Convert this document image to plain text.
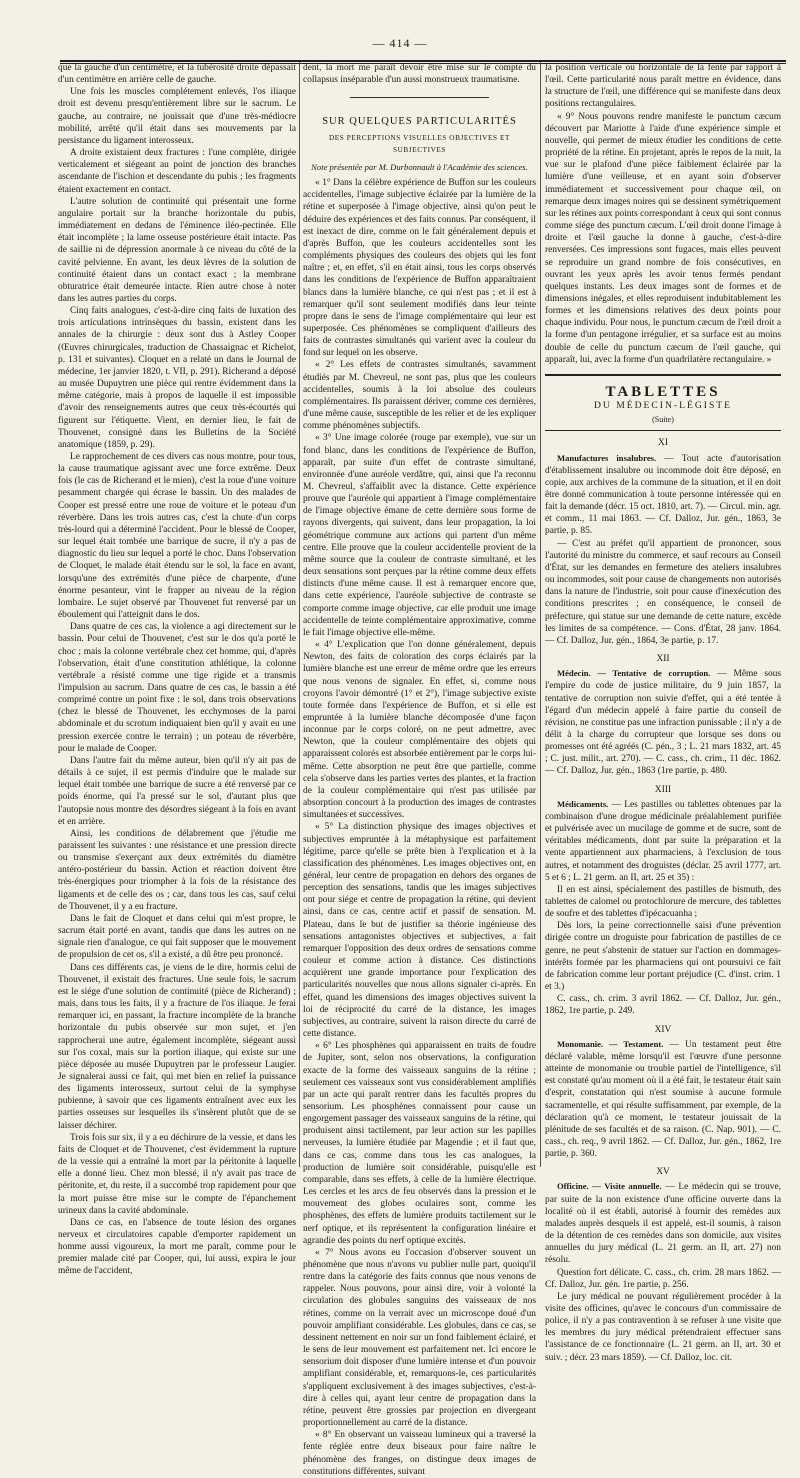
— 414 —

que la gauche d'un centimètre, et la tubérosité droite dépassait d'un centimètre en arrière celle de gauche.

Une fois les muscles complétement enlevés, l'os iliaque droit est devenu presqu'entièrement libre sur le sacrum. Le gauche, au contraire, ne jouissait que d'une très-médiocre mobilité, arrêté qu'il était dans ses mouvements par la persistance du ligament interosseux.

A droite existaient deux fractures : l'une complète, dirigée verticalement et siégeant au point de jonction des branches ascendante de l'ischion et descendante du pubis ; les fragments étaient exactement en contact.

L'autre solution de continuité qui présentait une forme angulaire portait sur la branche horizontale du pubis, immédiatement en dedans de l'éminence iléo-pectinée. Elle était incomplète ; la lame osseuse postérieure était intacte. Pas de saillie ni de dépression anormale à ce niveau du côté de la cavité pelvienne. En avant, les deux lèvres de la solution de continuité étaient dans un contact exact ; la membrane obturatrice était demeurée intacte. Rien autre chose à noter dans les autres parties du corps.

Cinq faits analogues, c'est-à-dire cinq faits de luxation des trois articulations intrinsèques du bassin, existent dans les annales de la chirurgie : deux sont dus à Astley Cooper (Œuvres chirurgicales, traduction de Chassaignac et Richelot, p. 131 et suivantes). Cloquet en a relaté un dans le Journal de médecine, 1er janvier 1820, t. VII, p. 291). Richerand a déposé au musée Dupuytren une pièce qui rentre évidemment dans la même catégorie, mais à propos de laquelle il est impossible d'avoir des renseignements autres que ceux très-écourtés qui figurent sur l'étiquette. Vient, en dernier lieu, le fait de Thouvenet, consigné dans les Bulletins de la Société anatomique (1859, p. 29).

Le rapprochement de ces divers cas nous montre, pour tous, la cause traumatique agissant avec une force extrême. Deux fois (le cas de Richerand et le mien), c'est la roue d'une voiture pesamment chargée qui écrase le bassin. Un des malades de Cooper est pressé entre une roue de voiture et le poteau d'un réverbère. Dans les trois autres cas, c'est la chute d'un corps très-lourd qui a déterminé l'accident. Pour le blessé de Cooper, sur lequel était tombée une barrique de sucre, il n'y a pas de diagnostic du lieu sur lequel a porté le choc. Dans l'observation de Cloquet, le malade était étendu sur le sol, la face en avant, lorsqu'une des extrémités d'une pièce de charpente, d'une énorme pesanteur, vint le frapper au niveau de la région lombaire. Le sujet observé par Thouvenet fut renversé par un éboulement qui l'atteignit dans le dos.

Dans quatre de ces cas, la violence a agi directement sur le bassin. Pour celui de Thouvenet, c'est sur le dos qu'a porté le choc ; mais la colonne vertébrale chez cet homme, qui, d'après l'observation, était d'une constitution athlétique, la colonne vertébrale a résisté comme une tige rigide et a transmis l'impulsion au sacrum. Dans quatre de ces cas, le bassin a été comprimé contre un point fixe : le sol, dans trois observations (chez le blessé de Thouvenet, les ecchymoses de la paroi abdominale et du scrotum indiquaient bien qu'il y avait eu une pression exercée contre le terrain) ; un poteau de réverbère, pour le malade de Cooper.

Dans l'autre fait du même auteur, bien qu'il n'y ait pas de détails à ce sujet, il est permis d'induire que le malade sur lequel était tombée une barrique de sucre a été renversé par ce poids énorme, qui l'a pressé sur le sol, d'autant plus que l'autopsie nous montre des désordres siégeant à la fois en avant et en arrière.

Ainsi, les conditions de délabrement que j'étudie me paraissent les suivantes : une résistance et une pression directe ou transmise s'exerçant aux deux extrémités du diamètre antéro-postérieur du bassin. Action et réaction doivent être très-énergiques pour triompher à la fois de la résistance des ligaments et de celle des os ; car, dans tous les cas, sauf celui de Thouvenet, il y a eu fracture.

Dans le fait de Cloquet et dans celui qui m'est propre, le sacrum était porté en avant, tandis que dans les autres on ne signale rien d'analogue, ce qui fait supposer que le mouvement de propulsion de cet os, s'il a existé, a dû être peu prononcé.

Dans ces différents cas, je viens de le dire, hormis celui de Thouvenet, il existait des fractures. Une seule fois, le sacrum est le siége d'une solution de continuité (pièce de Richerand) ; mais, dans tous les faits, il y a fracture de l'os iliaque. Je ferai remarquer ici, en passant, la fracture incomplète de la branche horizontale du pubis observée sur mon sujet, et j'en rapprocherai une autre, également incomplète, siégeant aussi sur l'os coxal, mais sur la portion iliaque, qui existe sur une pièce déposée au musée Dupuytren par le professeur Laugier. Je signalerai aussi ce fait, qui met bien en relief la puissance des ligaments interosseux, surtout celui de la symphyse pubienne, à savoir que ces ligaments entraînent avec eux les parties osseuses sur lesquelles ils s'insèrent plutôt que de se laisser déchirer.

Trois fois sur six, il y a eu déchirure de la vessie, et dans les faits de Cloquet et de Thouvenet, c'est évidemment la rupture de la vessie qui a entraîné la mort par la péritonite à laquelle elle a donné lieu. Chez mon blessé, il n'y avait pas trace de péritonite, et, du reste, il a succombé trop rapidement pour que la mort puisse être mise sur le compte de l'épanchement urineux dans la cavité abdominale.

Dans ce cas, en l'absence de toute lésion des organes nerveux et circulatoires capable d'emporter rapidement un homme aussi vigoureux, la mort me paraît, comme pour le premier malade cité par Cooper, qui, lui aussi, expira le jour même de l'accident,

dent, la mort me paraît devoir être mise sur le compte du collapsus inséparable d'un aussi monstrueux traumatisme.

SUR QUELQUES PARTICULARITÉS
DES PERCEPTIONS VISUELLES OBJECTIVES ET SUBJECTIVES
Note présentée par M. Durbonnault à l'Académie des sciences.

« 1° Dans la célèbre expérience de Buffon sur les couleurs accidentelles, l'image subjective éclairée par la lumière de la rétine et superposée à l'image objective, ainsi qu'on peut le déduire des expériences et des faits connus. Par conséquent, il est inexact de dire, comme on le fait généralement depuis et d'après Buffon, que les couleurs accidentelles sont les compléments physiques des couleurs des objets qui les font naître ; et, en effet, s'il en était ainsi, tous les corps observés dans les conditions de l'expérience de Buffon apparaîtraient blancs dans la lumière blanche, ce qui n'est pas ; et il est à remarquer qu'il sont seulement modifiés dans leur teinte propre dans le sens de l'image complémentaire qui leur est superposée. Ces phénomènes se compliquent d'ailleurs des faits de contrastes simultanés qui varient avec la couleur du fond sur lequel on les observe.

« 2° Les effets de contrastes simultanés, savamment étudiés par M. Chevreul, ne sont pas, plus que les couleurs accidentelles, soumis à la loi absolue des couleurs complémentaires. Ils paraissent dériver, comme ces dernières, d'une même cause, susceptible de les relier et de les expliquer comme phénomènes subjectifs.

« 3° Une image colorée (rouge par exemple), vue sur un fond blanc, dans les conditions de l'expérience de Buffon, apparaît, par suite d'un effet de contraste simultané, environnée d'une auréole verdâtre, qui, ainsi que l'a reconnu M. Chevreul, s'affaiblit avec la distance. Cette expérience prouve que l'auréole qui appartient à l'image complémentaire de l'image objective émane de cette dernière sous forme de rayons divergents, qui suivent, dans leur propagation, la loi géométrique commune aux actions qui partent d'un même centre. Elle prouve que la couleur accidentelle provient de la même source que la couleur de contraste simultané, et les deux sensations sont perçues par la rétine comme deux effets distincts d'une même cause. Il est à remarquer encore que, dans cette expérience, l'auréole subjective de contraste se comporte comme image objective, car elle produit une image accidentelle de teinte complémentaire approximative, comme le fait l'image objective elle-même.

« 4° L'explication que l'on donne généralement, depuis Newton, des faits de coloration des corps éclairés par la lumière blanche est une erreur de même ordre que les erreurs que nous venons de signaler. En effet, si, comme nous croyons l'avoir démontré (1° et 2°), l'image subjective existe toute formée dans l'expérience de Buffon, et si elle est empruntée à la lumière blanche décomposée d'une façon inconnue par le corps coloré, on ne peut admettre, avec Newton, que la couleur complémentaire des objets qui apparaissent colorés est absorbée entièrement par le corps lui-même. Cette absorption ne peut être que partielle, comme cela s'observe dans les parties vertes des plantes, et la fraction de la couleur complémentaire qui n'est pas utilisée par absorption concourt à la production des images de contrastes simultanées et successives.

« 5° La distinction physique des images objectives et subjectives empruntée à la métaphysique est parfaitement légitime, parce qu'elle se prête bien à l'explication et à la classification des phénomènes. Les images objectives ont, en général, leur centre de propagation en dehors des organes de perception des sensations, tandis que les images subjectives ont pour siége et centre de propagation la rétine, qui devient ainsi, dans ce cas, centre actif et passif de sensation. M. Plateau, dans le but de justifier sa théorie ingénieuse des sensations antagonistes objectives et subjectives, a fait remarquer l'opposition des deux ordres de sensations comme couleur et comme action à distance. Ces distinctions acquièrent une grande importance pour l'explication des particularités nouvelles que nous allons signaler ci-après. En effet, quand les dimensions des images objectives suivent la loi de réciprocité du carré de la distance, les images subjectives, au contraire, suivent la raison directe du carré de cette distance.

« 6° Les phosphènes qui apparaissent en traits de foudre de Jupiter, sont, selon nos observations, la configuration exacte de la forme des vaisseaux sanguins de la rétine ; seulement ces vaisseaux sont vus considérablement amplifiés par un acte qui paraît rentrer dans les facultés propres du sensorium. Les phosphènes connaissent pour cause un engorgement passager des vaisseaux sanguins de la rétine, qui produisent ainsi tactilement, par leur action sur les papilles nerveuses, la lumière étudiée par Magendie ; et il faut que, dans ce cas, comme dans tous les cas analogues, la production de lumière soit considérable, puisqu'elle est comparable, dans ses effets, à celle de la lumière électrique. Les cercles et les arcs de feu observés dans la pression et le mouvement des globes oculaires sont, comme les phosphènes, des effets de lumière produits tactilement sur le nerf optique, et ils représentent la configuration linéaire et agrandie des points du nerf optique excités.

« 7° Nous avons eu l'occasion d'observer souvent un phénomène que nous n'avons vu publier nulle part, quoiqu'il rentre dans la catégorie des faits connus que nous venons de rappeler. Nous pouvons, pour ainsi dire, voir à volonté la circulation des globules sanguins des vaisseaux de nos rétines, comme on la verrait avec un microscope doué d'un pouvoir amplifiant considérable. Les globules, dans ce cas, se dessinent nettement en noir sur un fond faiblement éclairé, et le sens de leur mouvement est parfaitement net. Ici encore le sensorium doit disposer d'une lumière intense et d'un pouvoir amplifiant considérable, et, remarquons-le, ces particularités s'appliquent exclusivement à des images subjectives, c'est-à-dire à celles qui, ayant leur centre de propagation dans la rétine, peuvent être grossies par projection en divergeant proportionnellement au carré de la distance.

« 8° En observant un vaisseau lumineux qui a traversé la fente réglée entre deux biseaux pour faire naître le phénomène des franges, on distingue deux images de constitutions différentes, suivant

la position verticale ou horizontale de la fente par rapport à l'œil. Cette particularité nous paraît mettre en évidence, dans la structure de l'œil, une différence qui se manifeste dans deux positions rectangulaires.

« 9° Nous pouvons rendre manifeste le punctum cæcum découvert par Mariotte à l'aide d'une expérience simple et nouvelle, qui permet de mieux étudier les conditions de cette propriété de la rétine. En projetant, après le repos de la nuit, la vue sur le plafond d'une pièce faiblement éclairée par la lumière d'une veilleuse, et en ayant soin d'observer immédiatement et successivement pour chaque œil, on remarque deux images noires qui se dessinent symétriquement sur les rétines aux points correspondant à ceux qui sont connus comme siége des punctum cæcum. L'œil droit donne l'image à droite et l'œil gauche la donne à gauche, c'est-à-dire renversées. Ces impressions sont fugaces, mais elles peuvent se reproduire un grand nombre de fois consécutives, en ouvrant les yeux après les avoir tenus fermés pendant quelques instants. Les deux images sont de formes et de dimensions inégales, et elles reproduisent indubitablement les formes et les dimensions relatives des deux points pour chaque individu. Pour nous, le punctum cæcum de l'œil droit a la forme d'un pentagone irrégulier, et sa surface est au moins double de celle du punctum cæcum de l'œil gauche, qui apparaît, lui, avec la forme d'un quadrilatère rectangulaire. »

TABLETTES
DU MÉDECIN-LÉGISTE
(Suite)
XI

Manufactures insalubres. — Tout acte d'autorisation d'établissement insalubre ou incommode doit être déposé, en copie, aux archives de la commune de la situation, et il en doit être donné communication à toute personne intéressée qui en fait la demande (décr. 15 oct. 1810, art. 7). — Circul. min. agr. et comm., 11 mai 1863. — Cf. Dalloz, Jur. gén., 1863, 3e partie, p. 85.

— C'est au préfet qu'il appartient de prononcer, sous l'autorité du ministre du commerce, et sauf recours au Conseil d'État, sur les demandes en fermeture des ateliers insalubres ou incommodes, soit pour cause de changements non autorisés dans la nature de l'industrie, soit pour cause d'inexécution des conditions prescrites ; en conséquence, le conseil de préfecture, qui statue sur une demande de cette nature, excède les limites de sa compétence. — Cons. d'État, 28 janv. 1864. — Cf. Dalloz, Jur. gén., 1864, 3e partie, p. 17.

XII

Médecin. — Tentative de corruption. — Même sous l'empire du code de justice militaire, du 9 juin 1857, la tentative de corruption non suivie d'effet, qui a été tentée à l'égard d'un médecin appelé à faire partie du conseil de révision, ne constitue pas une infraction punissable ; il n'y a de délit à la charge du corrupteur que lorsque ses dons ou promesses ont été agréés (C. pén., 3 ; L. 21 mars 1832, art. 45 ; C. just. milit., art. 270). — C. cass., ch. crim., 11 déc. 1862. — Cf. Dalloz, Jur. gén., 1863 (1re partie, p. 480.

XIII

Médicaments. — Les pastilles ou tablettes obtenues par la combinaison d'une drogue médicinale préalablement purifiée et pulvérisée avec un mucilage de gomme et de sucre, sont de véritables médicaments, dont par suite la préparation et la vente appartiennent aux pharmaciens, à l'exclusion de tous autres, et notamment des droguistes (déclar. 25 avril 1777, art. 5 et 6 ; L. 21 germ. an II, art. 25 et 35) :

Il en est ainsi, spécialement des pastilles de bismuth, des tablettes de calomel ou protochlorure de mercure, des tablettes de soufre et des tablettes d'ipécacuanha ;

Dès lors, la peine correctionnelle saisi d'une prévention dirigée contre un droguiste pour fabrication de pastilles de ce genre, ne peut s'abstenir de statuer sur l'action en dommages-intérêts formée par les pharmaciens qui ont poursuivi ce fait de fabrication comme leur portant préjudice (C. d'inst. crim. 1 et 3.)

C. cass., ch. crim. 3 avril 1862. — Cf. Dalloz, Jur. gén., 1862, 1re partie, p. 249.

XIV

Monomanie. — Testament. — Un testament peut être déclaré valable, même lorsqu'il est l'œuvre d'une personne atteinte de monomanie ou trouble partiel de l'intelligence, s'il est constaté qu'au moment où il a été fait, le testateur était sain d'esprit, constatation qui n'est soumise à aucune formule sacramentelle, et qui résulte suffisamment, par exemple, de la déclaration qu'à ce moment, le testateur jouissait de la plénitude de ses facultés et de sa raison. (C. Nap. 901). — C. cass., ch. req., 9 avril 1862. — Cf. Dalloz, Jur. gén., 1862, 1re partie, p. 360.

XV

Officine. — Visite annuelle. — Le médecin qui se trouve, par suite de la non existence d'une officine ouverte dans la localité où il est établi, autorisé à fournir des remèdes aux malades auprès desquels il est appelé, est-il soumis, à raison de la détention de ces remèdes dans son domicile, aux visites annuelles du jury médical (L. 21 germ. an II, art. 27) non résolu.

Question fort délicate. C. cass., ch. crim. 28 mars 1862. — Cf. Dalloz, Jur. gén. 1re partie, p. 256.

Le jury médical ne pouvant régulièrement procéder à la visite des officines, qu'avec le concours d'un commissaire de police, il n'y a pas contravention à se refuser à une visite que les membres du jury médical prétendraient effectuer sans l'assistance de ce fonctionnaire (L. 21 germ. an II, art. 30 et suiv. ; décr. 23 mars 1859). — Cf. Dalloz, loc. cit.
